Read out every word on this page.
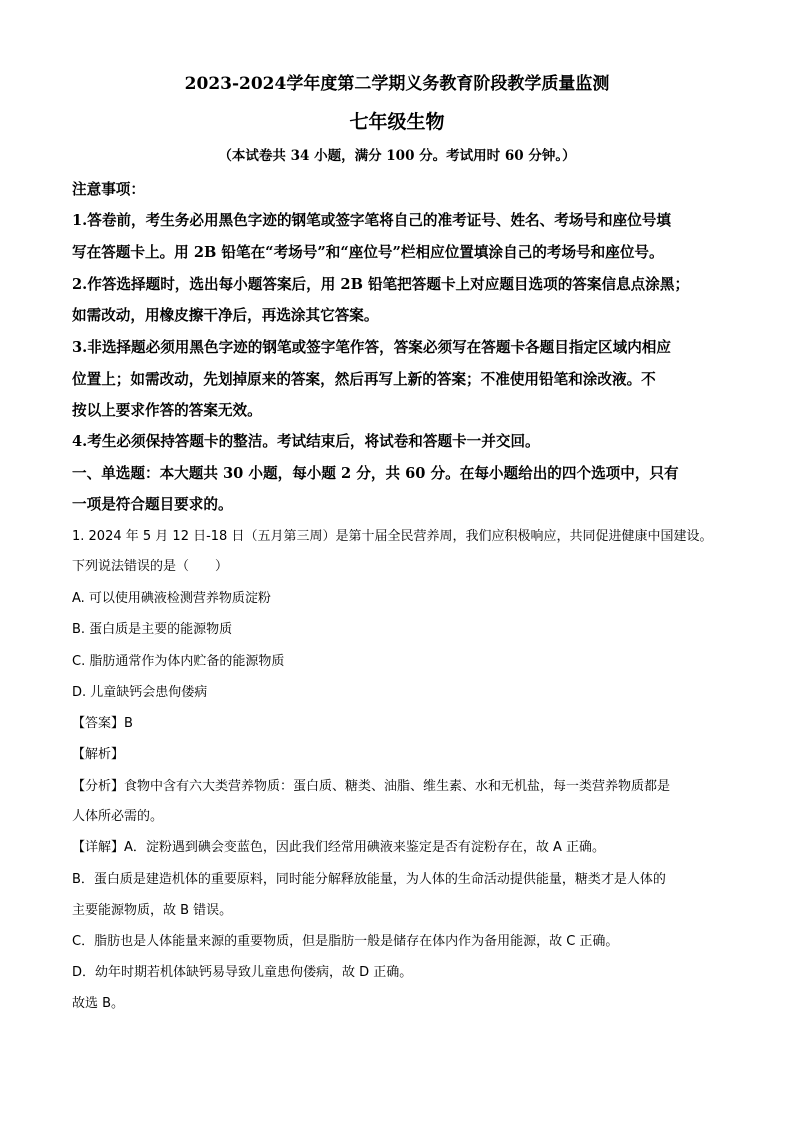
2023-2024学年度第二学期义务教育阶段教学质量监测
七年级生物
（本试卷共 34 小题，满分 100 分。考试用时 60 分钟。）
注意事项：
1.答卷前，考生务必用黑色字迹的钢笔或签字笔将自己的准考证号、姓名、考场号和座位号填
写在答题卡上。用 2B 铅笔在“考场号”和“座位号”栏相应位置填涂自己的考场号和座位号。
2.作答选择题时，选出每小题答案后，用 2B 铅笔把答题卡上对应题目选项的答案信息点涂黑；
如需改动，用橡皮擦干净后，再选涂其它答案。
3.非选择题必须用黑色字迹的钢笔或签字笔作答，答案必须写在答题卡各题目指定区域内相应
位置上；如需改动，先划掉原来的答案，然后再写上新的答案；不准使用铅笔和涂改液。不
按以上要求作答的答案无效。
4.考生必须保持答题卡的整洁。考试结束后，将试卷和答题卡一并交回。
一、单选题：本大题共 30 小题，每小题 2 分，共 60 分。在每小题给出的四个选项中，只有
一项是符合题目要求的。
1. 2024 年 5 月 12 日-18 日（五月第三周）是第十届全民营养周，我们应积极响应，共同促进健康中国建设。
下列说法错误的是（　　）
A. 可以使用碘液检测营养物质淀粉
B. 蛋白质是主要的能源物质
C. 脂肪通常作为体内贮备的能源物质
D. 儿童缺钙会患佝偻病
【答案】B
【解析】
【分析】食物中含有六大类营养物质：蛋白质、糖类、油脂、维生素、水和无机盐，每一类营养物质都是
人体所必需的。
【详解】A．淀粉遇到碘会变蓝色，因此我们经常用碘液来鉴定是否有淀粉存在，故 A 正确。
B．蛋白质是建造机体的重要原料，同时能分解释放能量，为人体的生命活动提供能量，糖类才是人体的
主要能源物质，故 B 错误。
C．脂肪也是人体能量来源的重要物质，但是脂肪一般是储存在体内作为备用能源，故 C 正确。
D．幼年时期若机体缺钙易导致儿童患佝偻病，故 D 正确。
故选 B。
